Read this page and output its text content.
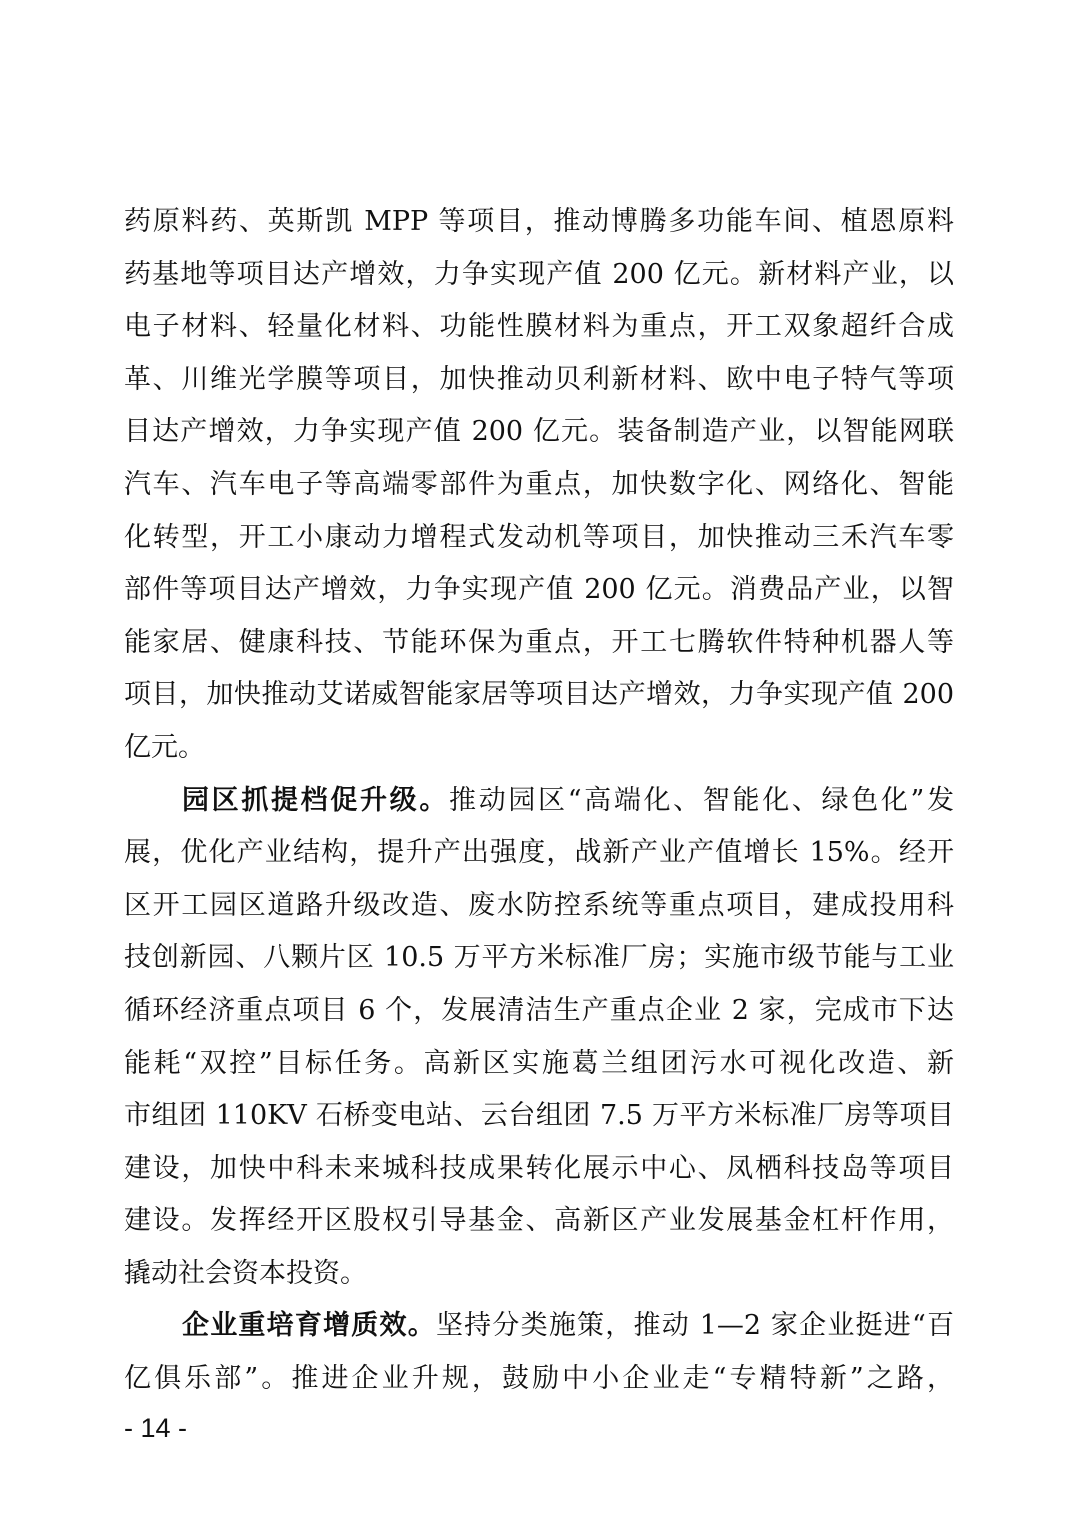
药原料药、英斯凯 MPP 等项目，推动博腾多功能车间、植恩原料
药基地等项目达产增效，力争实现产值 200 亿元。新材料产业，以
电子材料、轻量化材料、功能性膜材料为重点，开工双象超纤合成
革、川维光学膜等项目，加快推动贝利新材料、欧中电子特气等项
目达产增效，力争实现产值 200 亿元。装备制造产业，以智能网联
汽车、汽车电子等高端零部件为重点，加快数字化、网络化、智能
化转型，开工小康动力增程式发动机等项目，加快推动三禾汽车零
部件等项目达产增效，力争实现产值 200 亿元。消费品产业，以智
能家居、健康科技、节能环保为重点，开工七腾软件特种机器人等
项目，加快推动艾诺威智能家居等项目达产增效，力争实现产值 200
亿元。
园区抓提档促升级。推动园区“高端化、智能化、绿色化”发
展，优化产业结构，提升产出强度，战新产业产值增长 15%。经开
区开工园区道路升级改造、废水防控系统等重点项目，建成投用科
技创新园、八颗片区 10.5 万平方米标准厂房；实施市级节能与工业
循环经济重点项目 6 个，发展清洁生产重点企业 2 家，完成市下达
能耗“双控”目标任务。高新区实施葛兰组团污水可视化改造、新
市组团 110KV 石桥变电站、云台组团 7.5 万平方米标准厂房等项目
建设，加快中科未来城科技成果转化展示中心、凤栖科技岛等项目
建设。发挥经开区股权引导基金、高新区产业发展基金杠杆作用，
撬动社会资本投资。
企业重培育增质效。坚持分类施策，推动 1—2 家企业挺进“百
亿俱乐部”。推进企业升规，鼓励中小企业走“专精特新”之路，
- 14 -
